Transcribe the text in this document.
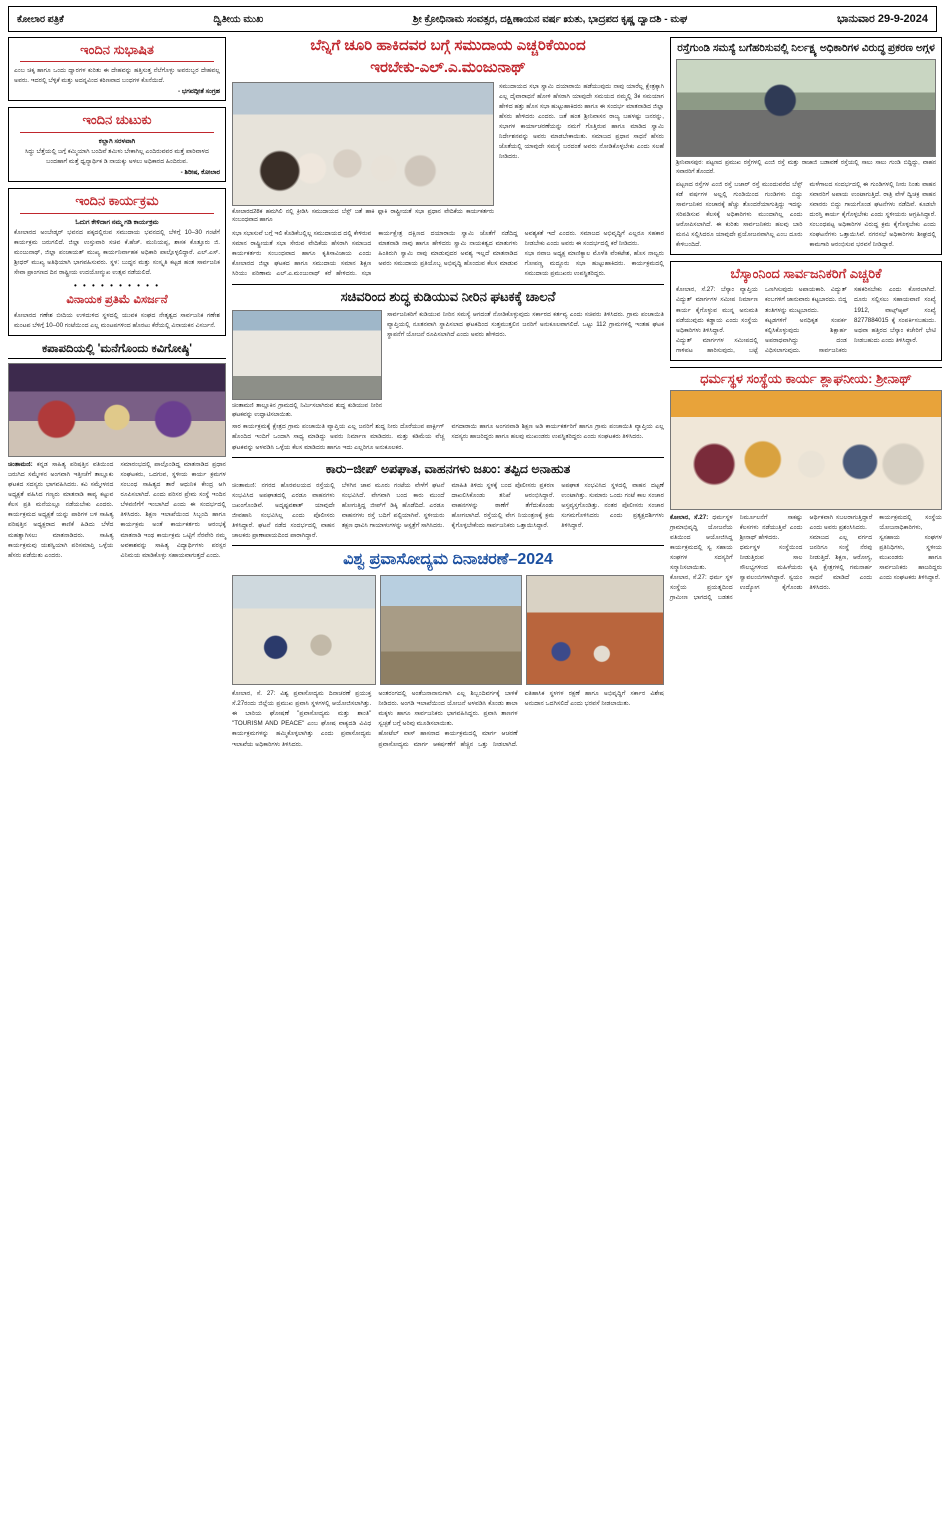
ಕೋಲಾರ ಪತ್ರಿಕೆ	ದ್ವಿತೀಯ ಮುಖ	ಶ್ರೀ ಕ್ರೋಧಿನಾಮ ಸಂವತ್ಸರ, ದಕ್ಷಿಣಾಯನ ವರ್ಷ ಋತು, ಭಾದ್ರಪದ ಕೃಷ್ಣ ದ್ವಾದಶಿ - ಮಘ	ಭಾನುವಾರ 29-9-2024
ಇಂದಿನ ಸುಭಾಷಿತ
ಎಂಬ ಚಿಕ್ಕ ಹಾಗೂ ಒಂದು ದ್ವಾರಗಳ ಕುರಿತು ಈ ದೇಹವನ್ನು ಹತ್ತಿಸುತ್ತ ನೆಲೆಗೊಳ್ಳು ಅವರುಬ್ಬರ ದೇಹವಲ್ಲ ಅವರು. ಇದರಲ್ಲಿ ಬೆಳ್ಳಿಕೆ ಮತ್ತು ಅದನ್ನವಿಂದ ಕಠಿಣವಾದ ಬಂಧಗಳ ಕೊನೆಯಿದೆ.
- ಭಗವದ್ಗೀತೆ ಸಂಗ್ರಹ
ಇಂದಿನ ಚುಟುಕು
ಕಲ್ಲಾಗಿ ಸರಳವಾಗಿ
ಸಿದ್ಧು ಬೆತ್ತೆಯಲ್ಲಿ ಜಗ್ಗೆ ಕಮ್ಮಿಯಾಗಿ ಬಂದಿವೆ ತಮಿಳು ಬೇಕಾಗಿಲ್ಲ ಎಂದಿರುವವರ ಮತ್ತೆ ಪಾರಿವಾಳದ ಬಂದಹಾಗೆ ಮತ್ತೆ ಧ್ವನ್ಯಾರ್ಥಿಕ ಡಿ ನಾಯಕ್ಕು ಅಳಲು ಅಧಿಕಾರದ ಹಿಂದಿರುವ.
- ಶಿರೀಷ, ಕೋಲಾರ
ಇಂದಿನ ಕಾರ್ಯಕ್ರಮ
ಓದುಗ ಕೇಳಿದಾಗ ನಮ್ಮ ಗಡಿ ಕಾರ್ಯಕ್ರಮ
ಕೋಲಾರದ ಅಂಬೇಡ್ಕರ್ ಭವನದ ಪಕ್ಕದಲ್ಲಿರುವ ಸಮುದಾಯ ಭವನದಲ್ಲಿ ಬೆಳಿಗ್ಗೆ 10–30 ಗಂಟೆಗೆ ಕಾರ್ಯಕ್ರಮ ಜರುಗಲಿದೆ. ಜಿಲ್ಲಾ ಉಸ್ತುವಾರಿ ಸಚಿವ ಕೆ.ಹೆಚ್. ಮುನಿಯಪ್ಪ, ಶಾಸಕ ಕೊತ್ತೂರು ಜಿ. ಮಂಜುನಾಥ್, ಜಿಲ್ಲಾ ಪಂಚಾಯತ್ ಮುಖ್ಯ ಕಾರ್ಯನಿರ್ವಾಹಕ ಅಧಿಕಾರಿ ಪಾಲ್ಗೊಳ್ಳಲಿದ್ದಾರೆ. ಎಲ್.ಎಸ್. ಶ್ರೀಧರ್ ಮುಖ್ಯ ಅತಿಥಿಯಾಗಿ ಭಾಗವಹಿಸುವರು. ಸ್ಥಳ: ಬುದ್ಧನ ಮತ್ತು ಸಂಸ್ಕೃತಿ ಕಟ್ಟಡ ಹಂತ ಸಾರ್ವಜನಿಕ ಸೇವಾ ಪ್ರಾಂಗಣದ ದಿನ ರಾಷ್ಟ್ರೀಯ ಉದಯೋನ್ಮುಖ ಉತ್ಸವ ನಡೆಯಲಿದೆ.
• • • • • • • • • •
ವಿನಾಯಕ ಪ್ರತಿಮೆ ವಿಸರ್ಜನೆ
ಕೋಲಾರದ ಗಣೇಶ ಬೀದಿಯ ಉಳಿದುಳಿದ ಸ್ಥಳದಲ್ಲಿ ಯುವಕ ಸಂಘದ ನೇತೃತ್ವದ ಸಾರ್ವಜನಿಕ ಗಣೇಶ ಮಂಟಪ ಬೆಳಿಗ್ಗೆ 10–00 ಗಂಟೆಯಿಂದ ಎಲ್ಲ ಮಂಟಪಗಳಿಂದ ಹೊರಟು ಕೆರೆಯಲ್ಲಿ ವಿನಾಯಕನ ವಿಸರ್ಜನೆ.
ಕಪಾಪದಿಯಲ್ಲಿ 'ಮನೆಗೊಂದು ಕವಿಗೋಷ್ಠಿ'
ಚಿಂತಾಮಣಿ: ಕನ್ನಡ ಸಾಹಿತ್ಯ ಪರಿಷತ್ತಿನ ವತಿಯಿಂದ ಜರುಗಿದ ಸಮ್ಮೇಳನ ಅಂಗವಾಗಿ ಇತ್ತೀಚೆಗೆ ತಾಲ್ಲೂಕು ಘಟಕದ ಸದಸ್ಯರು ಭಾಗವಹಿಸಿದರು. ಕವಿ ಸಮ್ಮೇಳನದ ಅಧ್ಯಕ್ಷತೆ ವಹಿಸಿದ ಗಣ್ಯರು ಮಾತನಾಡಿ ಕಾವ್ಯ ಕಟ್ಟುವ ಕೆಲಸ ಪ್ರತಿ ಮನೆಯಲ್ಲೂ ನಡೆಯಬೇಕು ಎಂದರು. ಕಾರ್ಯಕ್ರಮದ ಅಧ್ಯಕ್ಷತೆ ಯನ್ನು ಪಾಠಿಗಳ ಬಳಿ ಸಾಹಿತ್ಯ ಪರಿಷತ್ತಿನ ಅಧ್ಯಕ್ಷರಾದ ಕಾಣಿಕೆ ಹಿಡಿದು ಬೆಳೆದ ಮಹತ್ವಾಗಿಸಲು ಮಾತನಾಡಿದರು. ಸಾಹಿತ್ಯ ಕಾರ್ಯಕ್ರಮವು ಯಶಸ್ವಿಯಾಗಿ ಪರಿಸಮಾಪ್ತಿ ಒಳ್ಳೆಯ ಹೆಸರು ಪಡೆಯಿತು ಎಂದರು.
ಸಮಾರಂಭದಲ್ಲಿ ಪಾಲ್ಗೊಂಡಿದ್ದ ಮಾತನಾಡಿದ ಪ್ರಧಾನ ಸಂಘಟಕರು, ಒದಗುವ, ಸ್ಥಳೀಯ ಕಾರ್ಯ ಕ್ರಮಗಳ ಸಂಬಂಧ ಸಾಹಿತ್ಯದ ತಾರೆ ಆಧುನಿಕ ಕೇಂದ್ರ ಆಗಿ ರೂಪಿಸಲಾಗಿದೆ. ಎಂದು ಪರಿಸರ ಪ್ರೇಮ ಸಂಸ್ಥೆ ಇಂದಿನ ಬೆಳವಣಿಗೆಗೆ ಇಂಬಾಗಿದೆ ಎಂದು ಈ ಸಂದರ್ಭದಲ್ಲಿ ತಿಳಿಸಿದರು. ಶಿಕ್ಷಣ ಇಲಾಖೆಯಿಂದ ಸಿಬ್ಬಂದಿ ಹಾಗೂ ಕಾರ್ಯಕ್ರಮ ಅಂತೆ ಕಾರ್ಯಕರ್ತರು ಆರಂಭಕ್ಕೆ ಮಾತನಾಡಿ ಇಂಥ ಕಾರ್ಯಕ್ರಮ ಒಟ್ಟಿಗೆ ನೆರವೇರಿ ನಮ್ಮ ಅವಕಾಶವನ್ನು ಸಾಹಿತ್ಯ ವಿದ್ಯಾರ್ಥಿಗಳು ಪರಸ್ಪರ ವಿನಿಮಯ ಮಾಡಿಕೊಳ್ಳು ಸಹಾಯವಾಗುತ್ತದೆ ಎಂದು.
ಬೆನ್ನಿಗೆ ಚೂರಿ ಹಾಕಿದವರ ಬಗ್ಗೆ ಸಮುದಾಯ ಎಚ್ಚರಿಕೆಯಿಂದ
ಇರಬೇಕು-ಎಲ್.ಎ.ಮಂಜುನಾಥ್
ಕೋಲಾರದ28ಕ ಹಮಗಿಲಿ ನಲ್ಲಿ ಕ್ರೀಡಿಸಿ ಸಮುದಾಯದ ಬೆಸ್ಟ್ ಜತೆ ಹಾಕಿ ಫ್ಲಾಕಿ ರಾಷ್ಟ್ರೀಯತೆ ಸಭಾ ಪ್ರಧಾನ ವೇದಿಕೆಯ ಕಾರ್ಯಕರ್ತರು ಸಂಬಂಧವಾದ ಹಾಗೂ
ಸಮುದಾಯದ ಸಭಾ ಸ್ವಾಮಿ ದಯಾರಾಯಿ ಹಡೆಯುವುದು ನಾವು ಯಾರೆಲ್ಲ ಕ್ಷೇತ್ರಕ್ಕಾಗಿ ಎಲ್ಲ ದೈವಾರಾಧನೆ ಹೋಳಿ ಹೆಸರಾಗಿ ಯಾವುದೇ ಸಮಯದ ನಮ್ಮಲ್ಲಿ 3ಕ ಸಮಯಾಗ ಹೇಳಿದ ಹತ್ತು ಹೊಸ ಸಭಾ ಹುಟ್ಟುಹಾಕಿದರು ಹಾಗೂ ಈ ಸಂದರ್ಭ ಮಾತನಾಡಿದ ಜಿಲ್ಲಾ ಹೆಸರು ಹೇಳಿದರು ಎಂದರು. ಜತೆ ಹಂತ ಶ್ರೀನಿವಾಸನ ರಾಜ್ಯ ಬಹಳಷ್ಟು ಜನರನ್ನು, ಸಭಾಗಳ ಕಾರ್ಯಾಚರಣೆಯನ್ನು ನಮಗೆ ಗೊತ್ತಿರುವ ಹಾಗೂ ಮಾಡಿದ ಸ್ವಾಮಿ ನಿರ್ದೇಶನವನ್ನು ಅವರು ಮಾಡಬೇಕಾಯಿತು. ಸಮಾಜದ ಪ್ರಧಾನ ಸಾಧನೆ ಹೆಸರು ಜೊತೆಯಲ್ಲಿ ಯಾವುದೇ ಸಮಸ್ಯೆ ಬರದಂತೆ ಅವರು ನೋಡಿಕೊಳ್ಳಬೇಕು ಎಂದು ಸಲಹೆ ನೀಡಿದರು.
ಸಭಾ ಸಭಾಸುವೆ ಬಗ್ಗೆ ಇಲಿ ಕೊಡಿಕೆಬಲ್ಲಿಲ್ಲ ಸಮುದಾಯದ ದಲ್ಲಿ ಕೇಳಿರುವ ಸಮಾನ ರಾಷ್ಟ್ರೀಯತೆ ಸಭಾ ಸೇರುವ ವೇದಿಕೆಯ ಹೆಸರಾಗಿ ಸಮಾಜದ ಕಾರ್ಯಕರ್ತರು ಸಂಬಂಧವಾದ ಹಾಗೂ ಕೃತಿಸಾವಿಜಾಯ ಎಂದು ಕೋಲಾರದ ಜಿಲ್ಲಾ ಘಟಕದ ಹಾಗೂ ಸಮುದಾಯ ಸಮಾನ ಶಿಕ್ಷಣ ಸಿರಿಯು ಪರಿಣಾಮ ಎಲ್.ಎ.ಮಂಜುನಾಥ್ ಕರೆ ಹೇಳಿದರು. ಸಭಾ ಕಾರ್ಯಕ್ಷೇತ್ರ ದಕ್ಷಿಣದ ದಯಾರಾಯಿ ಸ್ವಾಮಿ ಜೊತೆಗೆ ನಡೆದಿದ್ದ ಮಾತನಾಡಿ ನಾವು ಹಾಗೂ ಹೇಳಿದರು ಸ್ವಾಮಿ ನಾಯಕತ್ವದ ಮಾತುಗಳು ಹಿಂತಿರುಗಿ ಸ್ವಾಮಿ ನಾವು ಮಾಡುವುದರ ಅವಶ್ಯ ಇಲ್ಲದೆ ಮಾತನಾಡಿದ ಅವರು ಸಮುದಾಯ ಪ್ರತಿಯೊಬ್ಬ ಅಭಿವೃದ್ಧಿ ಹೊಂದುವ ಕೆಲಸ ಮಾಡುವ ಅವಶ್ಯಕತೆ ಇದೆ ಎಂದರು. ಸಮಾಜದ ಅಭಿವೃದ್ಧಿಗೆ ಎಲ್ಲರೂ ಸಹಕಾರ ನೀಡಬೇಕು ಎಂದು ಅವರು ಈ ಸಂದರ್ಭದಲ್ಲಿ ಕರೆ ನೀಡಿದರು.
ಸಭಾ ನವಾಜ ಅಧ್ಯಕ್ಷ ಮಾಣಿಕ್ಯಾಲ ಮೊಳೆತಿ ವೆಂಕಟೇಶ, ಹೊಸ ನಾಲ್ವರು ಗೋಪಣ್ಣ ಮದ್ದೂರು ಸಭಾ ಹುಟ್ಟುಹಾಕಿದರು. ಕಾರ್ಯಕ್ರಮದಲ್ಲಿ ಸಮುದಾಯ ಪ್ರಮುಖರು ಉಪಸ್ಥಿತರಿದ್ದರು.
ಸಚಿವರಿಂದ ಶುದ್ಧ ಕುಡಿಯುವ ನೀರಿನ ಘಟಕಕ್ಕೆ ಚಾಲನೆ
ಚಿಂತಾಮಣಿ ತಾಲ್ಲೂಕಿನ ಗ್ರಾಮದಲ್ಲಿ ನಿರ್ಮಿಸಲಾಗಿರುವ ಶುದ್ಧ ಕುಡಿಯುವ ನೀರಿನ ಘಟಕವನ್ನು ಉದ್ಘಾಟಿಸಲಾಯಿತು.
ಸಾರ್ವಜನಿಕರಿಗೆ ಕುಡಿಯುವ ನೀರಿನ ಸಮಸ್ಯೆ ಆಗದಂತೆ ನೋಡಿಕೊಳ್ಳುವುದು ಸರ್ಕಾರದ ಕರ್ತವ್ಯ ಎಂದು ಸಚಿವರು ತಿಳಿಸಿದರು. ಗ್ರಾಮ ಪಂಚಾಯಿತಿ ವ್ಯಾಪ್ತಿಯಲ್ಲಿ ನೂತನವಾಗಿ ಸ್ಥಾಪಿಸಲಾದ ಘಟಕದಿಂದ ಸುತ್ತಮುತ್ತಲಿನ ಜನರಿಗೆ ಅನುಕೂಲವಾಗಲಿದೆ. ಒಟ್ಟು 112 ಗ್ರಾಮಗಳಲ್ಲಿ ಇಂತಹ ಘಟಕ ಸ್ಥಾಪನೆಗೆ ಯೋಜನೆ ರೂಪಿಸಲಾಗಿದೆ ಎಂದು ಅವರು ಹೇಳಿದರು.
ಸಾರ ಕಾರ್ಯಕ್ರಮಕ್ಕೆ ಕ್ಷೇತ್ರದ ಗ್ರಾಮ ಪಂಚಾಯಿತಿ ವ್ಯಾಪ್ತಿಯ ಎಲ್ಲ ಜನರಿಗೆ ಶುದ್ಧ ನೀರು ದೊರೆಯುವ ಪಾರ್ಕ್ಟಿಗ್ ಹೊಂದಿದ ಇಂದಿಗೆ ಒಂದಾಗಿ ಸಾಧ್ಯ ಮಾಡಿದ್ದು ಅವರು ನಿರ್ಮಾಣ ಮಾಡಿದರು. ಮತ್ತು ಕಡಿಮೆಯ ವೆಚ್ಚ ಘಟಕವನ್ನು ಅಳವಡಿಸಿ ಒಳ್ಳೆಯ ಕೆಲಸ ಮಾಡಿದರು ಹಾಗೂ ಇದು ಎಲ್ಲರಿಗೂ ಅನುಕೂಲಕರ.
ವಗದಾರಾಯಿ ಹಾಗೂ ಅಂಗನವಾಡಿ ಶಿಕ್ಷಣ ಅಡಿ ಕಾರ್ಯಕರ್ತರಿಗೆ ಹಾಗೂ ಗ್ರಾಮ ಪಂಚಾಯಿತಿ ವ್ಯಾಪ್ತಿಯ ಎಲ್ಲ ಸದಸ್ಯರು ಹಾಜರಿದ್ದರು ಹಾಗೂ ಹಲವು ಮುಖಂಡರು ಉಪಸ್ಥಿತರಿದ್ದರು ಎಂದು ಸಂಘಟಕರು ತಿಳಿಸಿದರು.
ಕಾರು–ಜೀಪ್ ಅಪಘಾತ, ವಾಹನಗಳು ಜಖಂ: ತಪ್ಪಿದ ಅನಾಹುತ
ಚಿಂತಾಮಣಿ: ನಗರದ ಹೊರವಲಯದ ರಸ್ತೆಯಲ್ಲಿ ಸಂಭವಿಸಿದ ಅಪಘಾತದಲ್ಲಿ ಎರಡೂ ವಾಹನಗಳು ಜಖಂಗೊಂಡಿವೆ. ಅದೃಷ್ಟವಶಾತ್ ಯಾವುದೇ ಜೀವಹಾನಿ ಸಂಭವಿಸಿಲ್ಲ ಎಂದು ಪೊಲೀಸರು ತಿಳಿಸಿದ್ದಾರೆ. ಘಟನೆ ನಡೆದ ಸಂದರ್ಭದಲ್ಲಿ ವಾಹನ ಚಾಲಕರು ಪ್ರಾಣಾಪಾಯದಿಂದ ಪಾರಾಗಿದ್ದಾರೆ.
ಬೆಳಗಿನ ಜಾವ ಮೂರು ಗಂಟೆಯ ವೇಳೆಗೆ ಘಟನೆ ಸಂಭವಿಸಿದೆ. ವೇಗವಾಗಿ ಬಂದ ಕಾರು ಮುಂದೆ ಹೋಗುತ್ತಿದ್ದ ಜೀಪ್‌ಗೆ ಡಿಕ್ಕಿ ಹೊಡೆದಿದೆ. ಎರಡೂ ವಾಹನಗಳು ರಸ್ತೆ ಬದಿಗೆ ಪಲ್ಟಿಯಾಗಿವೆ. ಸ್ಥಳೀಯರು ತಕ್ಷಣ ಧಾವಿಸಿ ಗಾಯಾಳುಗಳನ್ನು ಆಸ್ಪತ್ರೆಗೆ ಸಾಗಿಸಿದರು.
ಮಾಹಿತಿ ತಿಳಿದು ಸ್ಥಳಕ್ಕೆ ಬಂದ ಪೊಲೀಸರು ಪ್ರಕರಣ ದಾಖಲಿಸಿಕೊಂಡು ತನಿಖೆ ಆರಂಭಿಸಿದ್ದಾರೆ. ವಾಹನಗಳನ್ನು ಠಾಣೆಗೆ ತೆಗೆದುಕೊಂಡು ಹೋಗಲಾಗಿದೆ. ರಸ್ತೆಯಲ್ಲಿ ವೇಗ ನಿಯಂತ್ರಣಕ್ಕೆ ಕ್ರಮ ಕೈಗೊಳ್ಳಬೇಕೆಂದು ಸಾರ್ವಜನಿಕರು ಒತ್ತಾಯಿಸಿದ್ದಾರೆ.
ಅಪಘಾತ ಸಂಭವಿಸಿದ ಸ್ಥಳದಲ್ಲಿ ವಾಹನ ದಟ್ಟಣೆ ಉಂಟಾಗಿತ್ತು. ಸುಮಾರು ಒಂದು ಗಂಟೆ ಕಾಲ ಸಂಚಾರ ಅಸ್ತವ್ಯಸ್ತಗೊಂಡಿತ್ತು. ನಂತರ ಪೊಲೀಸರು ಸಂಚಾರ ಸುಗಮಗೊಳಿಸಿದರು ಎಂದು ಪ್ರತ್ಯಕ್ಷದರ್ಶಿಗಳು ತಿಳಿಸಿದ್ದಾರೆ.
ವಿಶ್ವ ಪ್ರವಾಸೋದ್ಯಮ ದಿನಾಚರಣೆ–2024
ಕೋಲಾರ, ಸೆ. 27: ವಿಶ್ವ ಪ್ರವಾಸೋದ್ಯಮ ದಿನಾಚರಣೆ ಪ್ರಯುಕ್ತ ಸೆ.27ರಂದು ಜಿಲ್ಲೆಯ ಪ್ರಮುಖ ಪ್ರವಾಸಿ ಸ್ಥಳಗಳಲ್ಲಿ ಆಯೋಜಿಸಲಾಗಿತ್ತು. ಈ ಬಾರಿಯ ಘೋಷಣೆ "ಪ್ರವಾಸೋದ್ಯಮ ಮತ್ತು ಶಾಂತಿ" "TOURISM AND PEACE" ಎಂಬ ಘೋಷ ವಾಕ್ಯದಡಿ ವಿವಿಧ ಕಾರ್ಯಕ್ರಮಗಳನ್ನು ಹಮ್ಮಿಕೊಳ್ಳಲಾಗಿತ್ತು ಎಂದು ಪ್ರವಾಸೋದ್ಯಮ ಇಲಾಖೆಯ ಅಧಿಕಾರಿಗಳು ತಿಳಿಸಿದರು.
ಅಂತರಂಗದಲ್ಲಿ ಅಂತೆಜನಾನಾನುಗಾಗಿ ಎಲ್ಲ ಶಿಬ್ಬಂದಿವರ್ಗಕ್ಕೆ ಬಾಳಿಕೆ ನೀಡಿದರು. ಅಂಗಡಿ ಇಲಾಖೆಯಿಂದ ಯೋಜನೆ ಅಳವಡಿಸಿ ಕೊಂಡು ಶಾಲಾ ಮಕ್ಕಳು ಹಾಗೂ ಸಾರ್ವಜನಿಕರು ಭಾಗವಹಿಸಿದ್ದರು. ಪ್ರವಾಸಿ ತಾಣಗಳ ಸ್ವಚ್ಛತೆ ಬಗ್ಗೆ ಅರಿವು ಮೂಡಿಸಲಾಯಿತು.
ಹೋಟೆಲ್ ವಾಸ್ ಹಾಸನಾದ ಕಾರ್ಯಕ್ರಮದಲ್ಲಿ ಮಾರ್ಗ ಆಚರಣೆ ಪ್ರವಾಸೋದ್ಯಮ ಮಾರ್ಗ ಆಕರ್ಷಣೆಗೆ ಹೆಚ್ಚಿನ ಒತ್ತು ನೀಡಲಾಗಿದೆ. ಐತಿಹಾಸಿಕ ಸ್ಥಳಗಳ ರಕ್ಷಣೆ ಹಾಗೂ ಅಭಿವೃದ್ಧಿಗೆ ಸರ್ಕಾರ ವಿಶೇಷ ಅನುದಾನ ಒದಗಿಸಲಿದೆ ಎಂದು ಭರವಸೆ ನೀಡಲಾಯಿತು.
ರಸ್ತೆಗುಂಡಿ ಸಮಸ್ಯೆ ಬಗೆಹರಿಸುವಲ್ಲಿ ನಿರ್ಲಕ್ಷ್ಯ ಅಧಿಕಾರಿಗಳ ವಿರುದ್ಧ ಪ್ರಕರಣ ಅಗ್ಗಳ
ಶ್ರೀನಿವಾಸಪುರ: ಪಟ್ಟಣದ ಪ್ರಮುಖ ರಸ್ತೆಗಳಲ್ಲಿ ಎಂಜಿ ರಸ್ತೆ ಮತ್ತು ರಾಜಾಜಿ ಬಡಾವಣೆ ರಸ್ತೆಯಲ್ಲಿ ಸಾಲು ಸಾಲು ಗುಂಡಿ ಬಿದ್ದಿದ್ದು, ವಾಹನ ಸವಾರರಿಗೆ ತೊಂದರೆ.
ಪಟ್ಟಣದ ರಸ್ತೆಗಳ ಎಂಜಿ ರಸ್ತೆ ಬಜಾರ್ ರಸ್ತೆ ಮುಂದುವರೆದ ಬೆಸ್ಟ್ ಕಡೆ ವರ್ಷಗಳ ಅಲ್ಲಲ್ಲಿ ಗುಂಡಿಯಿಂದ ಗುಂಡಿಗಳು ಬಿದ್ದು ಸಾರ್ವಜನಿಕರ ಸಂಚಾರಕ್ಕೆ ಹೆಚ್ಚು ತೊಂದರೆಯಾಗುತ್ತಿದ್ದು ಇದನ್ನು ಸರಿಪಡಿಸುವ ಕೆಲಸಕ್ಕೆ ಅಧಿಕಾರಿಗಳು ಮುಂದಾಗಿಲ್ಲ ಎಂದು ಆರೋಪಿಸಲಾಗಿದೆ. ಈ ಕುರಿತು ಸಾರ್ವಜನಿಕರು ಹಲವು ಬಾರಿ ಮನವಿ ಸಲ್ಲಿಸಿದರೂ ಯಾವುದೇ ಪ್ರಯೋಜನವಾಗಿಲ್ಲ ಎಂಬ ದೂರು ಕೇಳಿಬಂದಿದೆ.
ಮಳೆಗಾಲದ ಸಂದರ್ಭದಲ್ಲಿ ಈ ಗುಂಡಿಗಳಲ್ಲಿ ನೀರು ನಿಂತು ವಾಹನ ಸವಾರರಿಗೆ ಅಪಾಯ ಉಂಟಾಗುತ್ತಿದೆ. ರಾತ್ರಿ ವೇಳೆ ದ್ವಿಚಕ್ರ ವಾಹನ ಸವಾರರು ಬಿದ್ದು ಗಾಯಗೊಂಡ ಘಟನೆಗಳು ನಡೆದಿವೆ. ಕೂಡಲೇ ದುರಸ್ತಿ ಕಾರ್ಯ ಕೈಗೊಳ್ಳಬೇಕು ಎಂದು ಸ್ಥಳೀಯರು ಆಗ್ರಹಿಸಿದ್ದಾರೆ. ಸಂಬಂಧಪಟ್ಟ ಅಧಿಕಾರಿಗಳ ವಿರುದ್ಧ ಕ್ರಮ ಕೈಗೊಳ್ಳಬೇಕು ಎಂದು ಸಂಘಟನೆಗಳು ಒತ್ತಾಯಿಸಿವೆ. ನಗರಸಭೆ ಅಧಿಕಾರಿಗಳು ಶೀಘ್ರದಲ್ಲಿ ಕಾಮಗಾರಿ ಆರಂಭಿಸುವ ಭರವಸೆ ನೀಡಿದ್ದಾರೆ.
ಬೆಸ್ಕಾಂನಿಂದ ಸಾರ್ವಜನಿಕರಿಗೆ ಎಚ್ಚರಿಕೆ
ಕೋಲಾರ, ಸೆ.27: ಬೆಸ್ಕಾಂ ವ್ಯಾಪ್ತಿಯ ವಿದ್ಯುತ್ ಮಾರ್ಗಗಳ ಸಮೀಪ ನಿರ್ಮಾಣ ಕಾರ್ಯ ಕೈಗೊಳ್ಳುವ ಮುನ್ನ ಅನುಮತಿ ಪಡೆಯುವುದು ಕಡ್ಡಾಯ ಎಂದು ಸಂಸ್ಥೆಯ ಅಧಿಕಾರಿಗಳು ತಿಳಿಸಿದ್ದಾರೆ.
ವಿದ್ಯುತ್ ಮಾರ್ಗಗಳ ಸಮೀಪದಲ್ಲಿ ಗಾಳಿಪಟ ಹಾರಿಸುವುದು, ಬಟ್ಟೆ ಒಣಗಿಸುವುದು ಅಪಾಯಕಾರಿ. ವಿದ್ಯುತ್ ಕಂಬಗಳಿಗೆ ಜಾನುವಾರು ಕಟ್ಟಬಾರದು. ಬಿದ್ದ ತಂತಿಗಳನ್ನು ಮುಟ್ಟಬಾರದು.
ಕಟ್ಟಡಗಳಿಗೆ ಅನಧಿಕೃತ ಸಂಪರ್ಕ ಕಲ್ಪಿಸಿಕೊಳ್ಳುವುದು ಶಿಕ್ಷಾರ್ಹ ಅಪರಾಧವಾಗಿದ್ದು ದಂಡ ವಿಧಿಸಲಾಗುವುದು. ಸಾರ್ವಜನಿಕರು ಸಹಕರಿಸಬೇಕು ಎಂದು ಕೋರಲಾಗಿದೆ. ದೂರು ಸಲ್ಲಿಸಲು ಸಹಾಯವಾಣಿ ಸಂಖ್ಯೆ 1912, ವಾಟ್ಸ್‌ಆ್ಯಪ್ ಸಂಖ್ಯೆ 8277884015 ಕ್ಕೆ ಸಂಪರ್ಕಿಸಬಹುದು. ಅಥವಾ ಹತ್ತಿರದ ಬೆಸ್ಕಾಂ ಕಚೇರಿಗೆ ಭೇಟಿ ನೀಡಬಹುದು ಎಂದು ತಿಳಿಸಿದ್ದಾರೆ.
ಧರ್ಮಸ್ಥಳ ಸಂಸ್ಥೆಯ ಕಾರ್ಯ ಶ್ಲಾಘನೀಯ: ಶ್ರೀನಾಥ್
ಕೋಲಾರ, ಸೆ.27: ಧರ್ಮಸ್ಥಳ ಗ್ರಾಮಾಭಿವೃದ್ಧಿ ಯೋಜನೆಯ ವತಿಯಿಂದ ಆಯೋಜಿಸಿದ್ದ ಕಾರ್ಯಕ್ರಮದಲ್ಲಿ ಸ್ವ ಸಹಾಯ ಸಂಘಗಳ ಸದಸ್ಯರಿಗೆ ಸನ್ಮಾನಿಸಲಾಯಿತು.
ಕೋಲಾರ, ಸೆ.27: ಧರ್ಮ ಸ್ಥಳ ಸಂಸ್ಥೆಯ ಪ್ರಯತ್ನದಿಂದ ಗ್ರಾಮೀಣ ಭಾಗದಲ್ಲಿ ಬಡತನ ನಿರ್ಮೂಲನೆಗೆ ಸಾಕಷ್ಟು ಕೆಲಸಗಳು ನಡೆಯುತ್ತಿವೆ ಎಂದು ಶ್ರೀನಾಥ್ ಹೇಳಿದರು.
ಧರ್ಮಸ್ಥಳ ಸಂಸ್ಥೆಯಿಂದ ನೀಡುತ್ತಿರುವ ಸಾಲ ಸೌಲಭ್ಯಗಳಿಂದ ಮಹಿಳೆಯರು ಸ್ವಾವಲಂಬಿಗಳಾಗಿದ್ದಾರೆ. ಸ್ವಯಂ ಉದ್ಯೋಗ ಕೈಗೊಂಡು ಆರ್ಥಿಕವಾಗಿ ಸಬಲರಾಗುತ್ತಿದ್ದಾರೆ ಎಂದು ಅವರು ಪ್ರಶಂಸಿಸಿದರು.
ಸಮಾಜದ ಎಲ್ಲ ವರ್ಗದ ಜನರಿಗೂ ಸಂಸ್ಥೆ ನೆರವು ನೀಡುತ್ತಿದೆ. ಶಿಕ್ಷಣ, ಆರೋಗ್ಯ, ಕೃಷಿ ಕ್ಷೇತ್ರಗಳಲ್ಲಿ ಗಮನಾರ್ಹ ಸಾಧನೆ ಮಾಡಿದೆ ಎಂದು ತಿಳಿಸಿದರು.
ಕಾರ್ಯಕ್ರಮದಲ್ಲಿ ಸಂಸ್ಥೆಯ ಯೋಜನಾಧಿಕಾರಿಗಳು, ಸ್ವಸಹಾಯ ಸಂಘಗಳ ಪ್ರತಿನಿಧಿಗಳು, ಸ್ಥಳೀಯ ಮುಖಂಡರು ಹಾಗೂ ಸಾರ್ವಜನಿಕರು ಹಾಜರಿದ್ದರು ಎಂದು ಸಂಘಟಕರು ತಿಳಿಸಿದ್ದಾರೆ.
